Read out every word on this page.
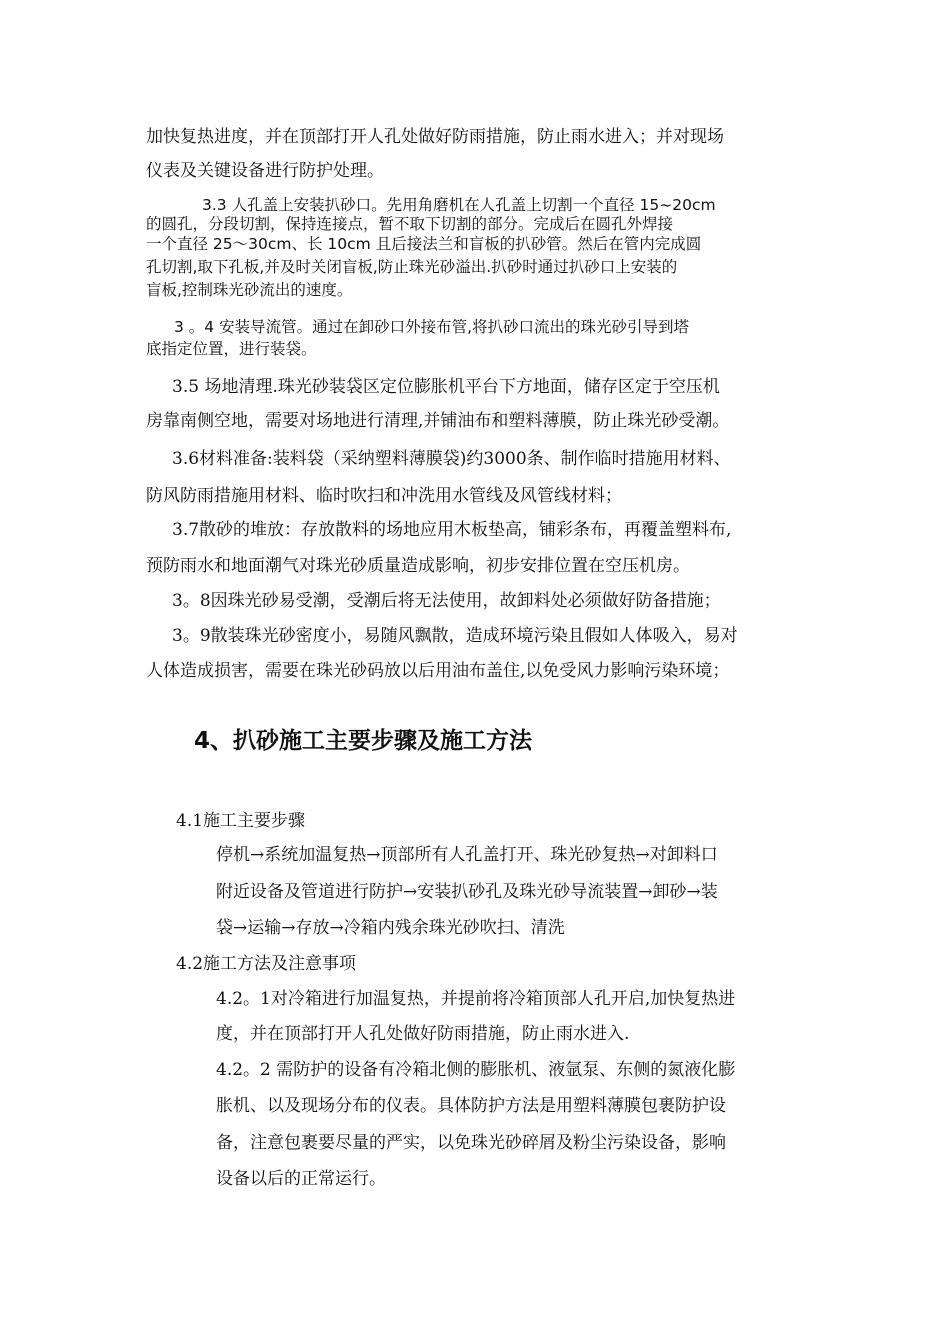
加快复热进度，并在顶部打开人孔处做好防雨措施，防止雨水进入；并对现场
仪表及关键设备进行防护处理。
3.3 人孔盖上安装扒砂口。先用角磨机在人孔盖上切割一个直径 15~20cm
的圆孔，分段切割，保持连接点，暂不取下切割的部分。完成后在圆孔外焊接
一个直径 25～30cm、长 10cm 且后接法兰和盲板的扒砂管。然后在管内完成圆
孔切割,取下孔板,并及时关闭盲板,防止珠光砂溢出.扒砂时通过扒砂口上安装的
盲板,控制珠光砂流出的速度。
3 。4 安装导流管。通过在卸砂口外接布管,将扒砂口流出的珠光砂引导到塔
底指定位置，进行装袋。
3.5 场地清理.珠光砂装袋区定位膨胀机平台下方地面，储存区定于空压机
房靠南侧空地，需要对场地进行清理,并铺油布和塑料薄膜，防止珠光砂受潮。
3.6材料准备:装料袋（采纳塑料薄膜袋)约3000条、制作临时措施用材料、
防风防雨措施用材料、临时吹扫和冲洗用水管线及风管线材料；
3.7散砂的堆放：存放散料的场地应用木板垫高，铺彩条布，再覆盖塑料布,
预防雨水和地面潮气对珠光砂质量造成影响，初步安排位置在空压机房。
3。8因珠光砂易受潮，受潮后将无法使用，故卸料处必须做好防备措施；
3。9散装珠光砂密度小，易随风飘散，造成环境污染且假如人体吸入，易对
人体造成损害，需要在珠光砂码放以后用油布盖住,以免受风力影响污染环境；
4、扒砂施工主要步骤及施工方法
4.1施工主要步骤
停机→系统加温复热→顶部所有人孔盖打开、珠光砂复热→对卸料口
附近设备及管道进行防护→安装扒砂孔及珠光砂导流装置→卸砂→装
袋→运输→存放→冷箱内残余珠光砂吹扫、清洗
4.2施工方法及注意事项
4.2。1对冷箱进行加温复热，并提前将冷箱顶部人孔开启,加快复热进
度，并在顶部打开人孔处做好防雨措施，防止雨水进入.
4.2。2 需防护的设备有冷箱北侧的膨胀机、液氩泵、东侧的氮液化膨
胀机、以及现场分布的仪表。具体防护方法是用塑料薄膜包裹防护设
备，注意包裹要尽量的严实，以免珠光砂碎屑及粉尘污染设备，影响
设备以后的正常运行。
